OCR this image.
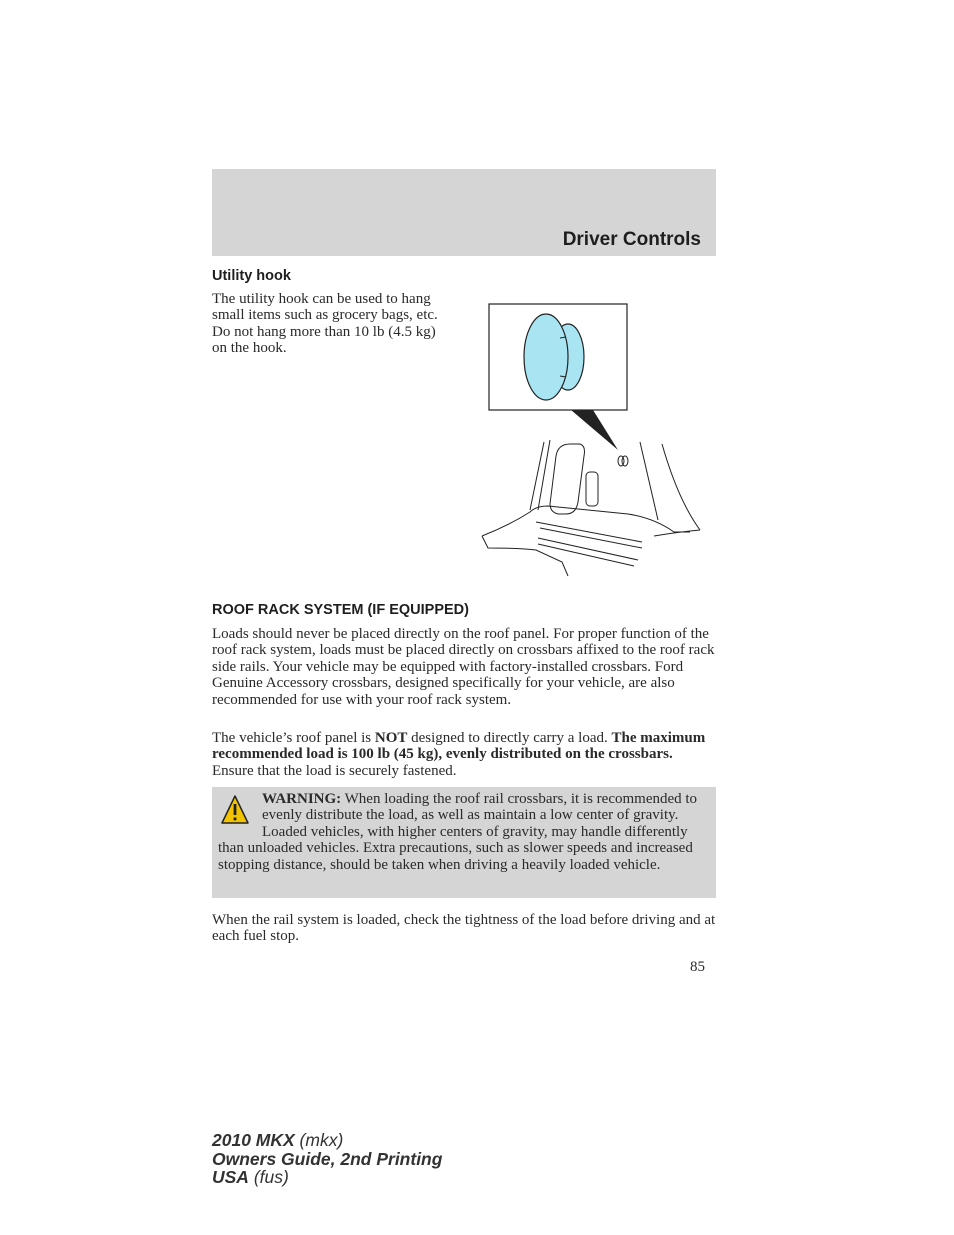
Driver Controls
Utility hook
The utility hook can be used to hang small items such as grocery bags, etc. Do not hang more than 10 lb (4.5 kg) on the hook.
ROOF RACK SYSTEM (IF EQUIPPED)
Loads should never be placed directly on the roof panel. For proper function of the roof rack system, loads must be placed directly on crossbars affixed to the roof rack side rails. Your vehicle may be equipped with factory-installed crossbars. Ford Genuine Accessory crossbars, designed specifically for your vehicle, are also recommended for use with your roof rack system.
The vehicle’s roof panel is NOT designed to directly carry a load. The maximum recommended load is 100 lb (45 kg), evenly distributed on the crossbars. Ensure that the load is securely fastened.
WARNING: When loading the roof rail crossbars, it is recommended to evenly distribute the load, as well as maintain a low center of gravity. Loaded vehicles, with higher centers of gravity, may handle differently than unloaded vehicles. Extra precautions, such as slower speeds and increased stopping distance, should be taken when driving a heavily loaded vehicle.
When the rail system is loaded, check the tightness of the load before driving and at each fuel stop.
85
2010 MKX (mkx)
Owners Guide, 2nd Printing
USA (fus)
